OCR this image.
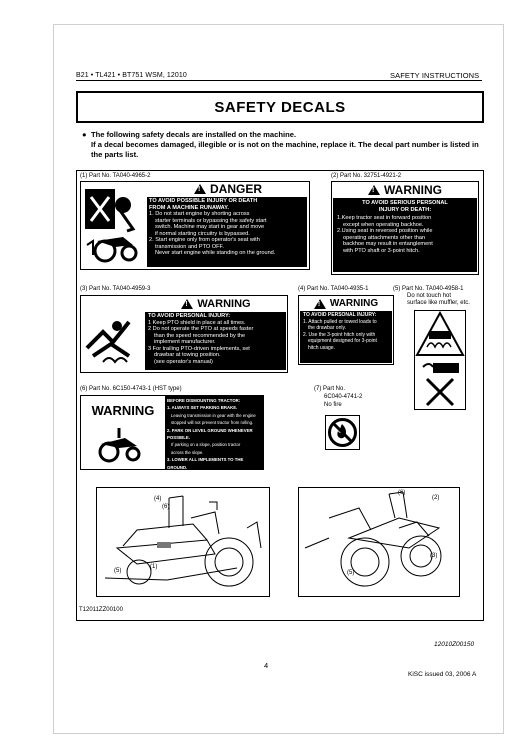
B21 • TL421 • BT751 WSM, 12010	SAFETY INSTRUCTIONS
SAFETY DECALS
● The following safety decals are installed on the machine.

If a decal becomes damaged, illegible or is not on the machine, replace it. The decal part number is listed in the parts list.

(1) Part No. TA040-4965-2
!
DANGER
TO AVOID POSSIBLE INJURY OR DEATH
FROM A MACHINE RUNAWAY.
1. Do not start engine by shorting across
starter terminals or bypassing the safety start
switch. Machine may start in gear and move
if normal starting circuitry is bypassed.
2. Start engine only from operator's seat with
transmission and PTO OFF.
Never start engine while standing on the ground.
(2) Part No. 32751-4921-2
!
WARNING
TO AVOID SERIOUS PERSONAL
INJURY OR DEATH:
1.Keep tractor seat in forward position
except when operating backhoe.
2.Using seat in reversed position while
operating attachments other than
backhoe may result in entanglement
with PTO shaft or 3-point hitch.
(3) Part No. TA040-4959-3
!
WARNING
TO AVOID PERSONAL INJURY:
1 Keep PTO shield in place at all times.
2 Do not operate the PTO at speeds faster
than the speed recommended by the
implement manufacturer.
3 For trailing PTO-driven implements, set
drawbar at towing position.
(see operator's manual)
(4) Part No. TA040-4935-1
!
WARNING
TO AVOID PERSONAL INJURY:
1. Attach pulled or towed loads to
the drawbar only.
2. Use the 3-point hitch only with
equipment designed for 3-point
hitch usage.
(5) Part No. TA040-4958-1
Do not touch hot
surface like muffler, etc.
(6) Part No. 6C150-4743-1 (HST type)
WARNING
BEFORE DISMOUNTING TRACTOR:
1. ALWAYS SET PARKING BRAKE.
Leaving transmission in gear with the engine
stopped will not prevent tractor from rolling.
2. PARK ON LEVEL GROUND WHENEVER POSSIBLE.
If parking on a slope, position tractor
across the slope.
3. LOWER ALL IMPLEMENTS TO THE GROUND.
4. STOP THE ENGINE.
(7) Part No.
6C040-4741-2
No fire
(4)
(6)
(1)
(5)
(6)
(2)
(3)
(5)
T12011ZZ00100
12010Z00150
4
KiSC issued 03, 2006 A
